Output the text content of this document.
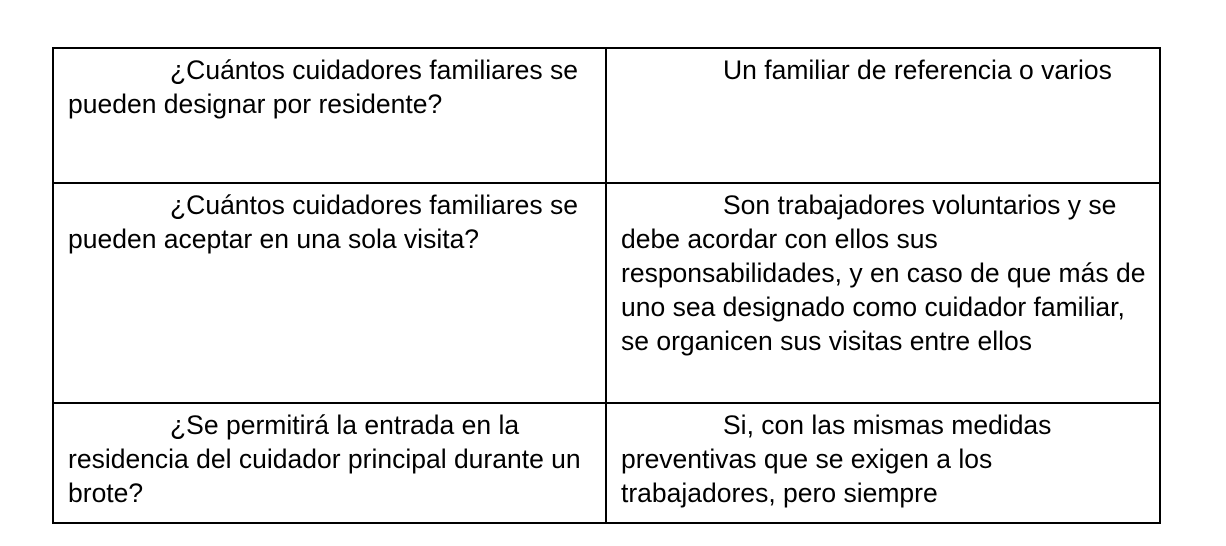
¿Cuántos cuidadores familiares se pueden designar por residente?	Un familiar de referencia o varios
¿Cuántos cuidadores familiares se pueden aceptar en una sola visita?	Son trabajadores voluntarios y se debe acordar con ellos sus responsabilidades, y en caso de que más de uno sea designado como cuidador familiar, se organicen sus visitas entre ellos
¿Se permitirá la entrada en la residencia del cuidador principal durante un brote?	Si, con las mismas medidas preventivas que se exigen a los trabajadores, pero siempre
